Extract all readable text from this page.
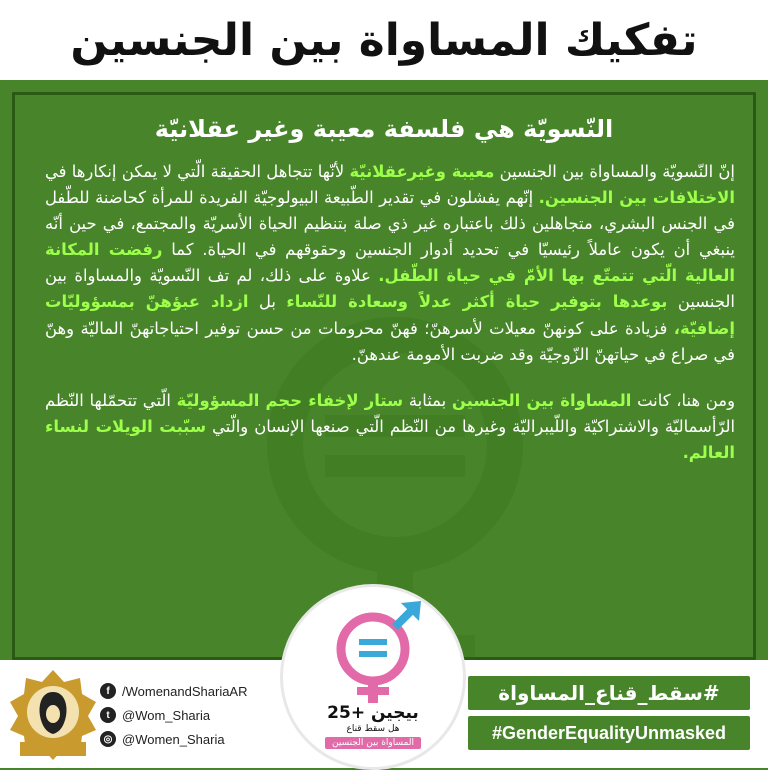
تفكيك المساواة بين الجنسين
النّسويّة هي فلسفة معيبة وغير عقلانيّة

إنّ النّسويّة والمساواة بين الجنسين معيبة وغيرعقلانيّة لأنّها تتجاهل الحقيقة الّتي لا يمكن إنكارها في الاختلافات بين الجنسين. إنّهم يفشلون في تقدير الطّبيعة البيولوجيّة الفريدة للمرأة كحاضنة للطّفل في الجنس البشري، متجاهلين ذلك باعتباره غير ذي صلة بتنظيم الحياة الأسريّة والمجتمع، في حين أنّه ينبغي أن يكون عاملاً رئيسيّا في تحديد أدوار الجنسين وحقوقهم في الحياة. كما رفضت المكانة العالية الّتي تتمتّع بها الأمّ في حياة الطّفل. علاوة على ذلك، لم تف النّسويّة والمساواة بين الجنسين بوعدها بتوفير حياة أكثر عدلاً وسعادة للنّساء بل ازداد عبؤهنّ بمسؤوليّات إضافيّة، فزيادة على كونهنّ معيلات لأسرهنّ؛ فهنّ محرومات من حسن توفير احتياجاتهنّ الماليّة وهنّ في صراع في حياتهنّ الزّوجيّة وقد ضربت الأمومة عندهنّ.

ومن هنا، كانت المساواة بين الجنسين بمثابة ستار لإخفاء حجم المسؤوليّة الّتي تتحمّلها النّظم الرّأسماليّة والاشتراكيّة واللّيبراليّة وغيرها من النّظم الّتي صنعها الإنسان والّتي سبّبت الويلات لنساء العالم.

f /WomenandShariaAR
t @Wom_Sharia
◎ @Women_Sharia
بيجين +25
هل سقط قناع
المساواة بين الجنسين
#سقط_قناع_المساواة
#GenderEqualityUnmasked
